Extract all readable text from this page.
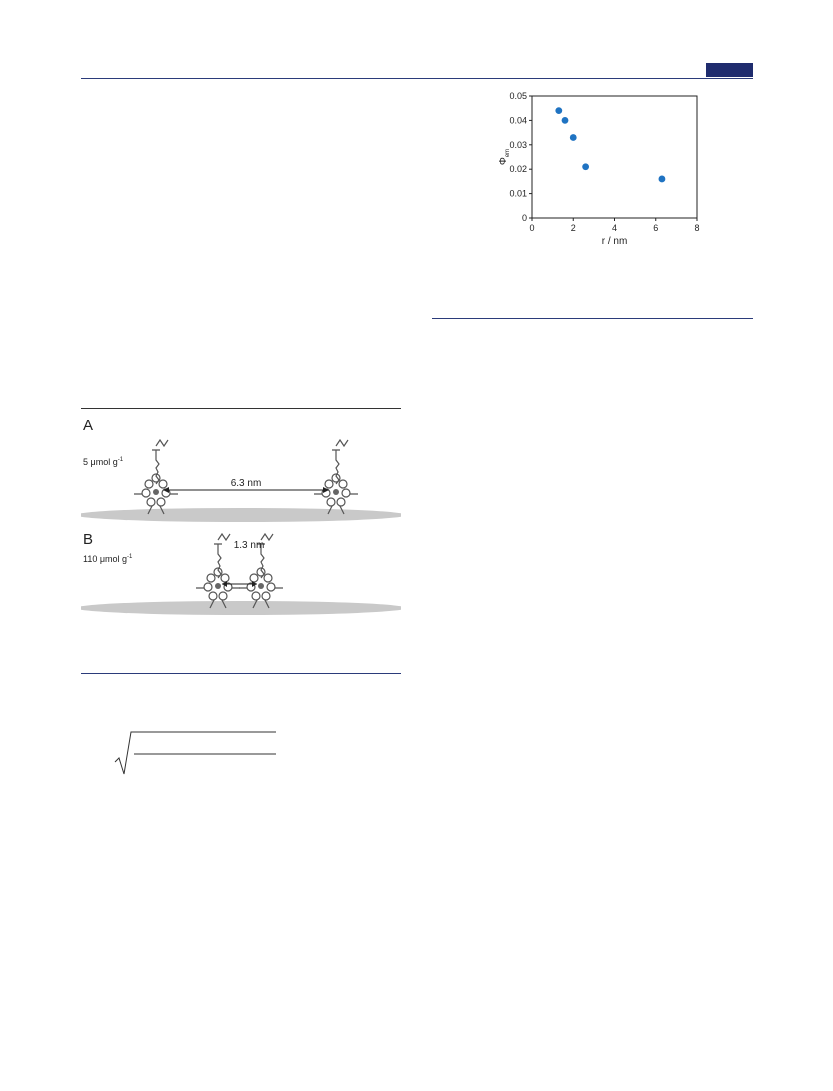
0	2	4	6	8
0
0.01
0.02
0.03
0.04
0.05
r / nm
$\Phi_{em}$
A
5 μmol $g^{-1}$
6.3 nm
B
110 μmol $g^{-1}$
1.3 nm
